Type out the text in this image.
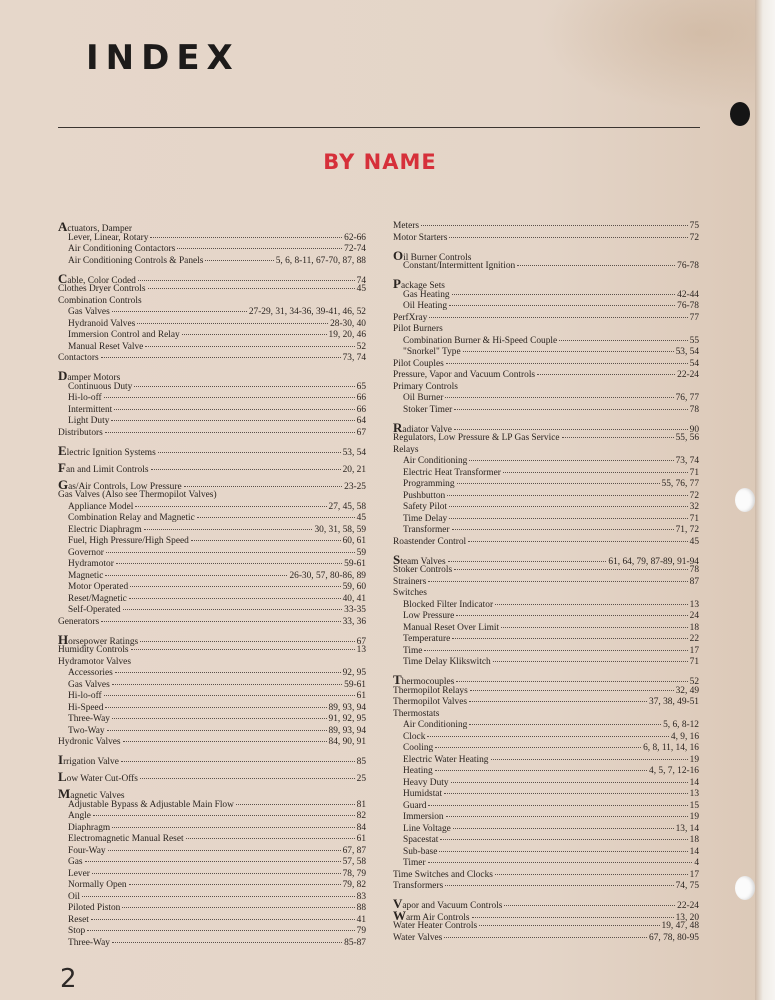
INDEX
BY NAME
Actuators, Damper
Lever, Linear, Rotary	62-66
Air Conditioning Contactors	72-74
Air Conditioning Controls & Panels	5, 6, 8-11, 67-70, 87, 88
Cable, Color Coded	74
Clothes Dryer Controls	45
Combination Controls
Gas Valves	27-29, 31, 34-36, 39-41, 46, 52
Hydranoid Valves	28-30, 40
Immersion Control and Relay	19, 20, 46
Manual Reset Valve	52
Contactors	73, 74
Damper Motors
Continuous Duty	65
Hi-lo-off	66
Intermittent	66
Light Duty	64
Distributors	67
Electric Ignition Systems	53, 54
Fan and Limit Controls	20, 21
Gas/Air Controls, Low Pressure	23-25
Gas Valves (Also see Thermopilot Valves)
Appliance Model	27, 45, 58
Combination Relay and Magnetic	45
Electric Diaphragm	30, 31, 58, 59
Fuel, High Pressure/High Speed	60, 61
Governor	59
Hydramotor	59-61
Magnetic	26-30, 57, 80-86, 89
Motor Operated	59, 60
Reset/Magnetic	40, 41
Self-Operated	33-35
Generators	33, 36
Horsepower Ratings	67
Humidity Controls	13
Hydramotor Valves
Accessories	92, 95
Gas Valves	59-61
Hi-lo-off	61
Hi-Speed	89, 93, 94
Three-Way	91, 92, 95
Two-Way	89, 93, 94
Hydronic Valves	84, 90, 91
Irrigation Valve	85
Low Water Cut-Offs	25
Magnetic Valves
Adjustable Bypass & Adjustable Main Flow	81
Angle	82
Diaphragm	84
Electromagnetic Manual Reset	61
Four-Way	67, 87
Gas	57, 58
Lever	78, 79
Normally Open	79, 82
Oil	83
Piloted Piston	88
Reset	41
Stop	79
Three-Way	85-87
Meters	75
Motor Starters	72
Oil Burner Controls
Constant/Intermittent Ignition	76-78
Package Sets
Gas Heating	42-44
Oil Heating	76-78
PerfXray	77
Pilot Burners
Combination Burner & Hi-Speed Couple	55
"Snorkel" Type	53, 54
Pilot Couples	54
Pressure, Vapor and Vacuum Controls	22-24
Primary Controls
Oil Burner	76, 77
Stoker Timer	78
Radiator Valve	90
Regulators, Low Pressure & LP Gas Service	55, 56
Relays
Air Conditioning	73, 74
Electric Heat Transformer	71
Programming	55, 76, 77
Pushbutton	72
Safety Pilot	32
Time Delay	71
Transformer	71, 72
Roastender Control	45
Steam Valves	61, 64, 79, 87-89, 91-94
Stoker Controls	78
Strainers	87
Switches
Blocked Filter Indicator	13
Low Pressure	24
Manual Reset Over Limit	18
Temperature	22
Time	17
Time Delay Klikswitch	71
Thermocouples	52
Thermopilot Relays	32, 49
Thermopilot Valves	37, 38, 49-51
Thermostats
Air Conditioning	5, 6, 8-12
Clock	4, 9, 16
Cooling	6, 8, 11, 14, 16
Electric Water Heating	19
Heating	4, 5, 7, 12-16
Heavy Duty	14
Humidstat	13
Guard	15
Immersion	19
Line Voltage	13, 14
Spacestat	18
Sub-base	14
Timer	4
Time Switches and Clocks	17
Transformers	74, 75
Vapor and Vacuum Controls	22-24
Warm Air Controls	13, 20
Water Heater Controls	19, 47, 48
Water Valves	67, 78, 80-95
2
